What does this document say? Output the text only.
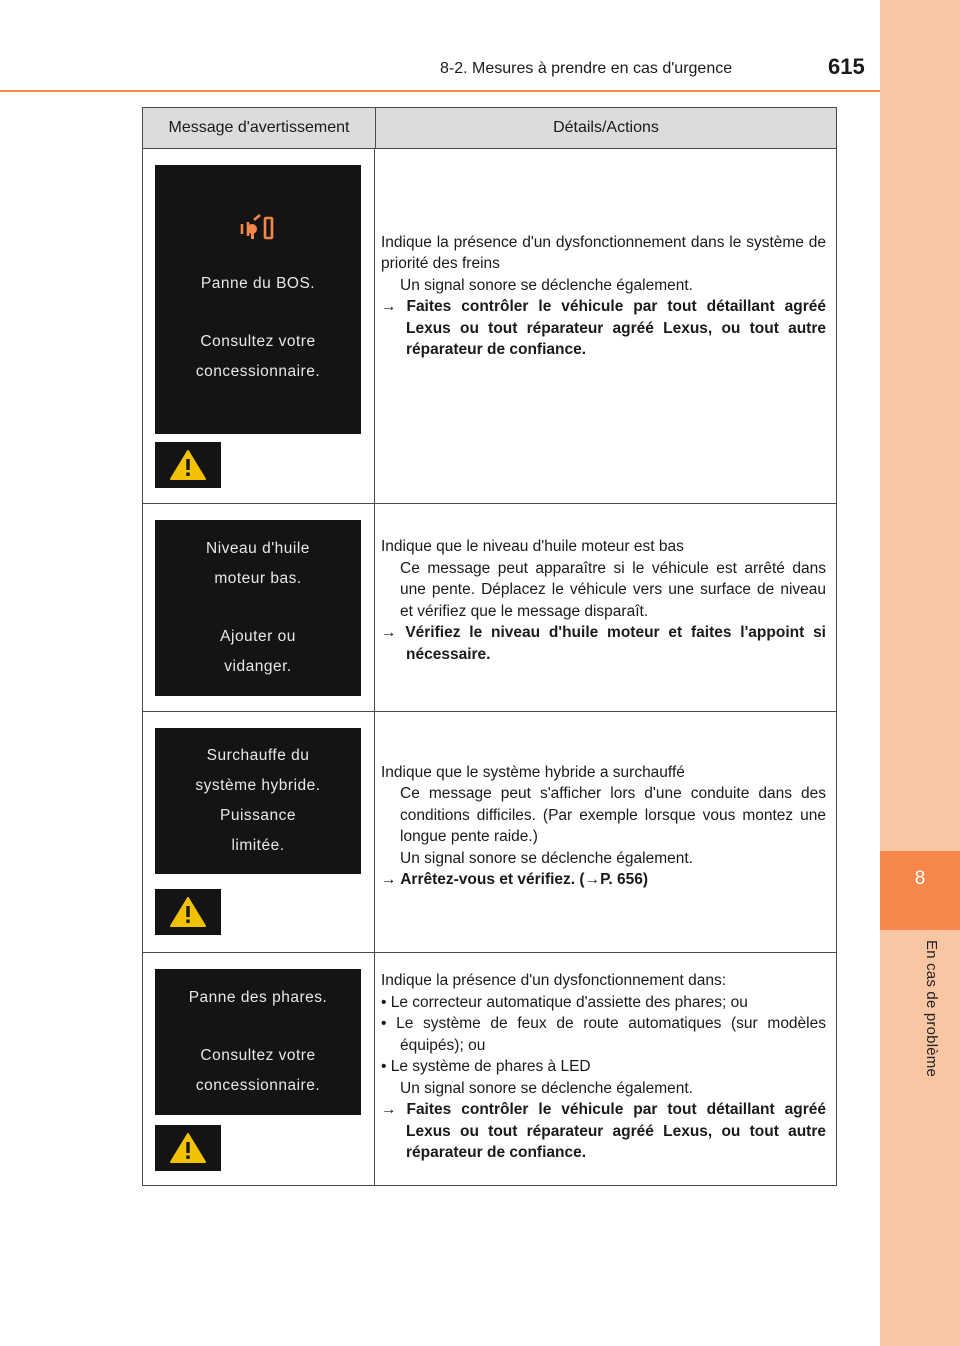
8
En cas de problème
8-2. Mesures à prendre en cas d'urgence	615
Message d'avertissement	Détails/Actions

Panne du BOS.

Consultez votre

concessionnaire.

Indique la présence d'un dysfonctionnement dans le système de priorité des freins
Un signal sonore se déclenche également.
→ Faites contrôler le véhicule par tout détaillant agréé Lexus ou tout réparateur agréé Lexus, ou tout autre réparateur de confiance.

Niveau d'huile

moteur bas.

Ajouter ou

vidanger.

Indique que le niveau d'huile moteur est bas
Ce message peut apparaître si le véhicule est arrêté dans une pente. Déplacez le véhicule vers une surface de niveau et vérifiez que le message disparaît.
→ Vérifiez le niveau d'huile moteur et faites l'appoint si nécessaire.

Surchauffe du

système hybride.

Puissance

limitée.

Indique que le système hybride a surchauffé
Ce message peut s'afficher lors d'une conduite dans des conditions difficiles. (Par exemple lorsque vous montez une longue pente raide.)
Un signal sonore se déclenche également.
→ Arrêtez-vous et vérifiez. (→P. 656)

Panne des phares.

Consultez votre

concessionnaire.

Indique la présence d'un dysfonctionnement dans:
• Le correcteur automatique d'assiette des phares; ou
• Le système de feux de route automatiques (sur modèles équipés); ou
• Le système de phares à LED
Un signal sonore se déclenche également.
→ Faites contrôler le véhicule par tout détaillant agréé Lexus ou tout réparateur agréé Lexus, ou tout autre réparateur de confiance.
